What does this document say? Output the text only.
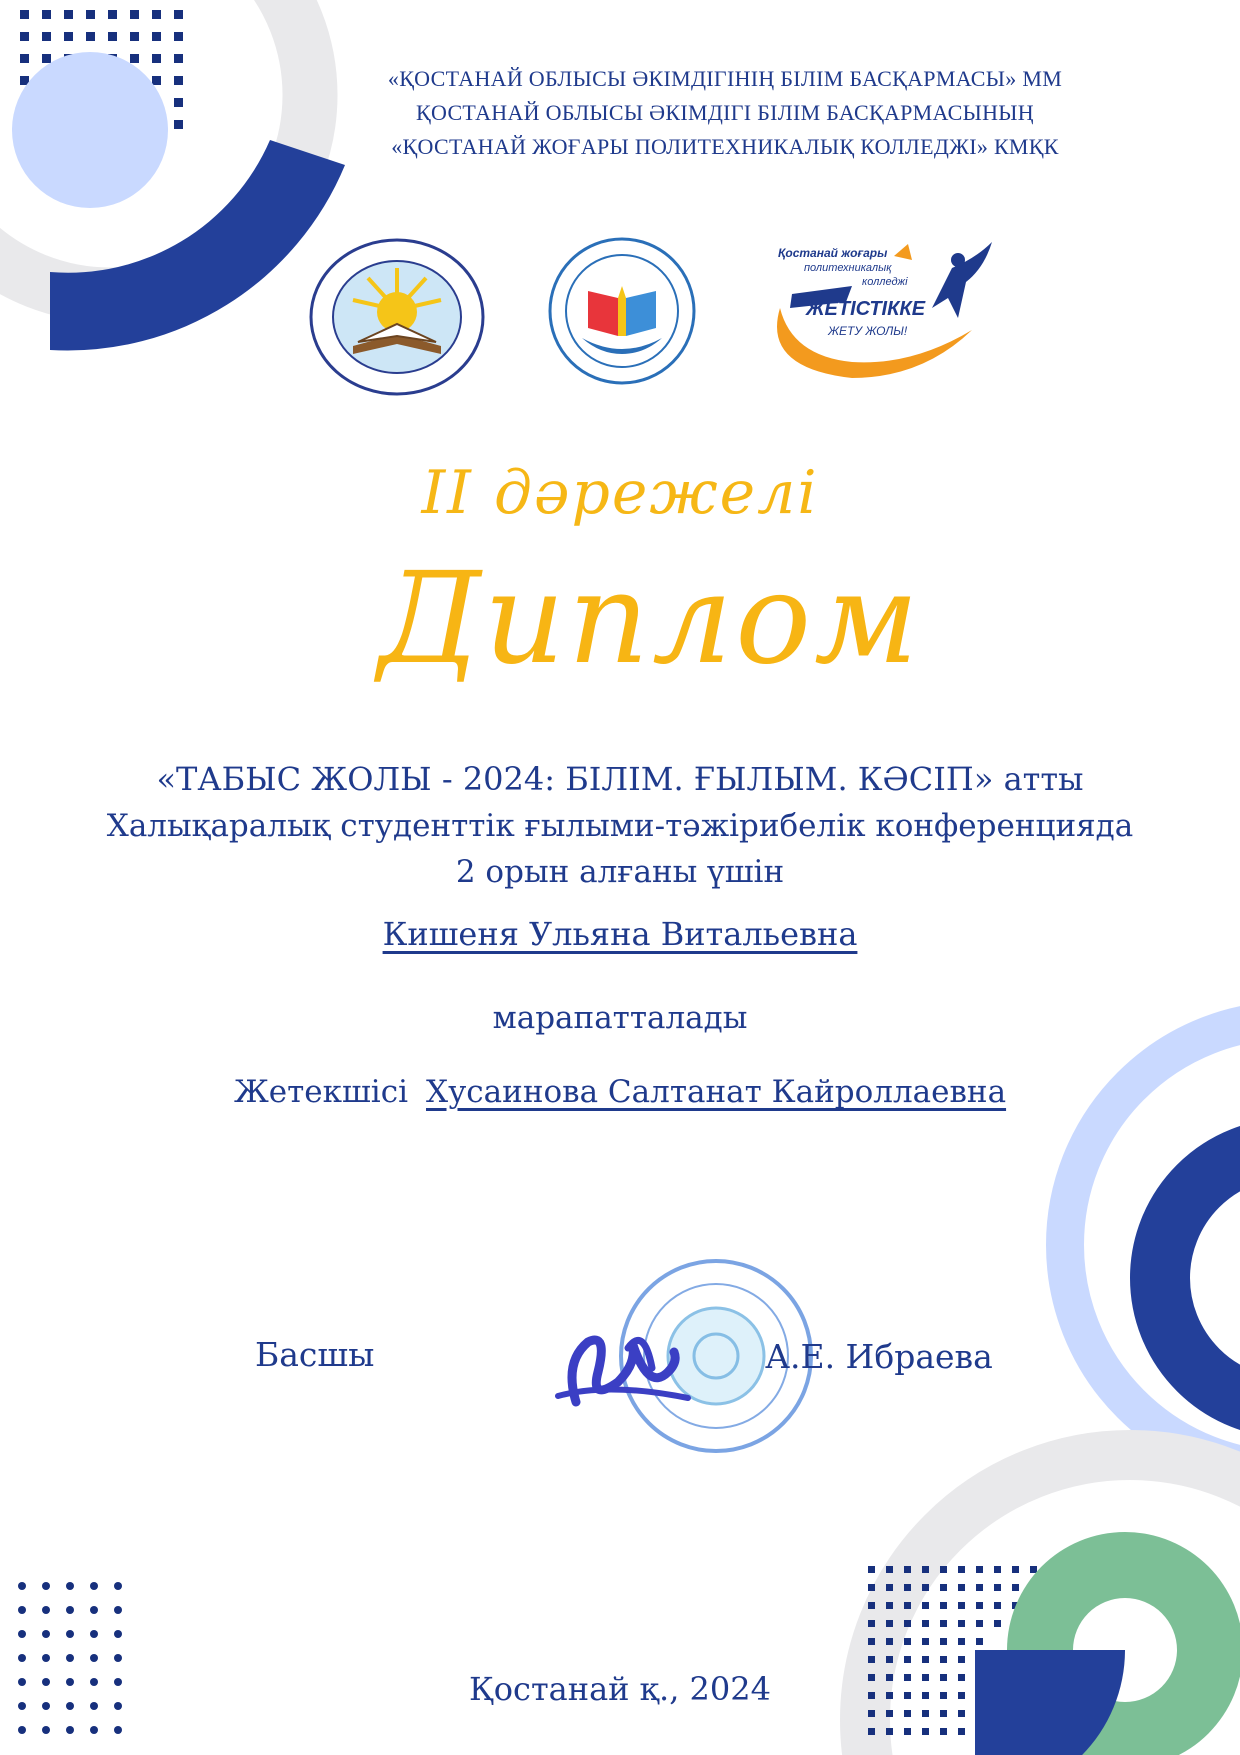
«ҚОСТАНАЙ ОБЛЫСЫ ӘКІМДІГІНІҢ БІЛІМ БАСҚАРМАСЫ» ММ
ҚОСТАНАЙ ОБЛЫСЫ ӘКІМДІГІ БІЛІМ БАСҚАРМАСЫНЫҢ
«ҚОСТАНАЙ ЖОҒАРЫ ПОЛИТЕХНИКАЛЫҚ КОЛЛЕДЖІ» КМҚК
Қостанай жоғары
политехникалық
колледжі
ЖЕТІСТІККЕ
ЖЕТУ ЖОЛЫ!
II дәрежелі
Диплом
«ТАБЫС ЖОЛЫ - 2024: БІЛІМ. ҒЫЛЫМ. КӘСІП» атты
Халықаралық студенттік ғылыми-тәжірибелік конференцияда
2 орын алғаны үшін
Кишеня Ульяна Витальевна
марапатталады
Жетекшісі Хусаинова Салтанат Кайроллаевна
Басшы	А.Е. Ибраева
Қостанай қ., 2024
